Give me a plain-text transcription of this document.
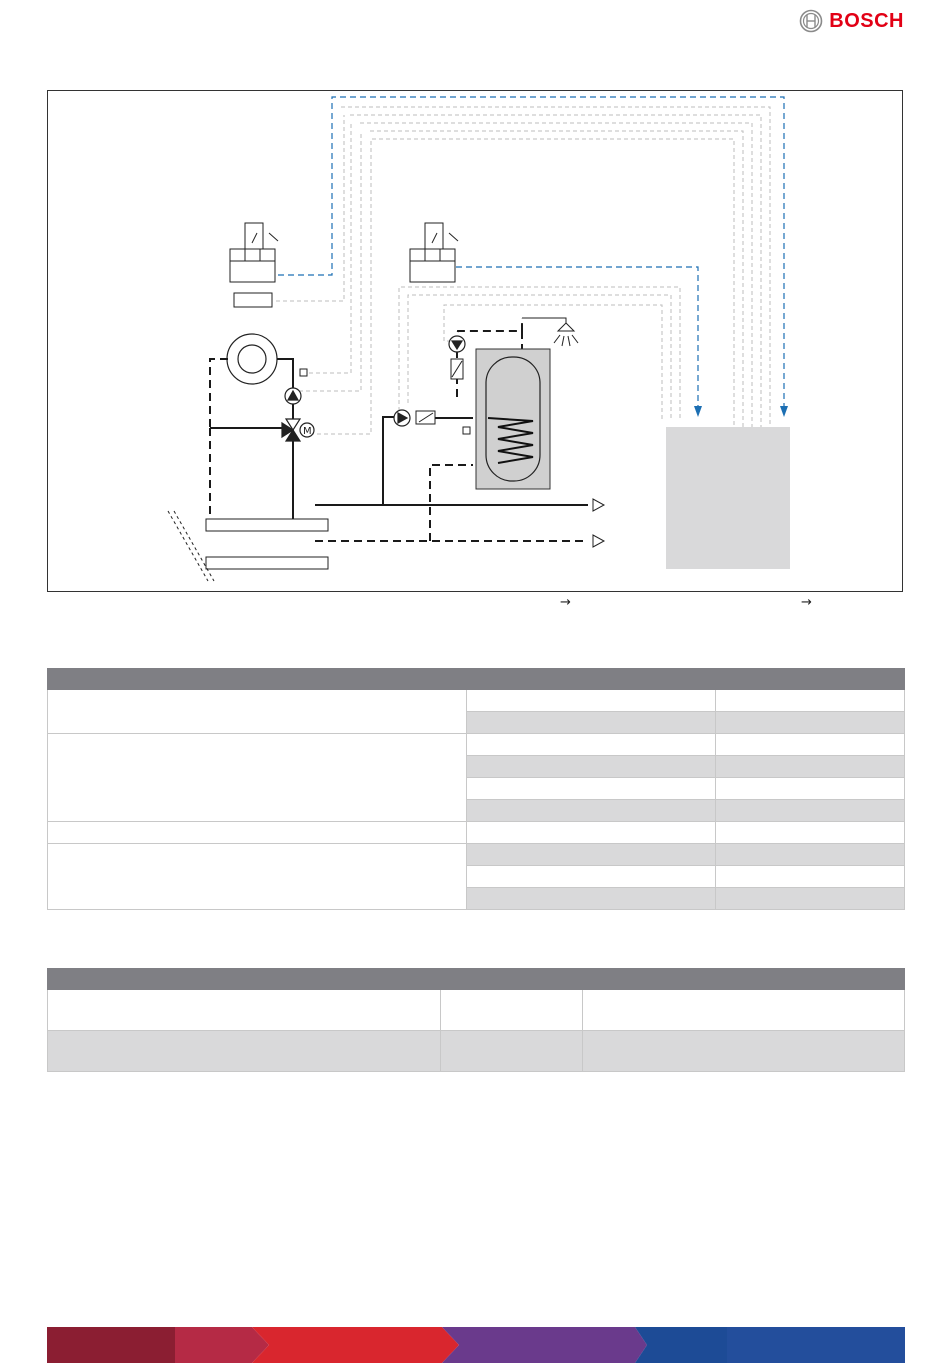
BOSCH
M
→	→
